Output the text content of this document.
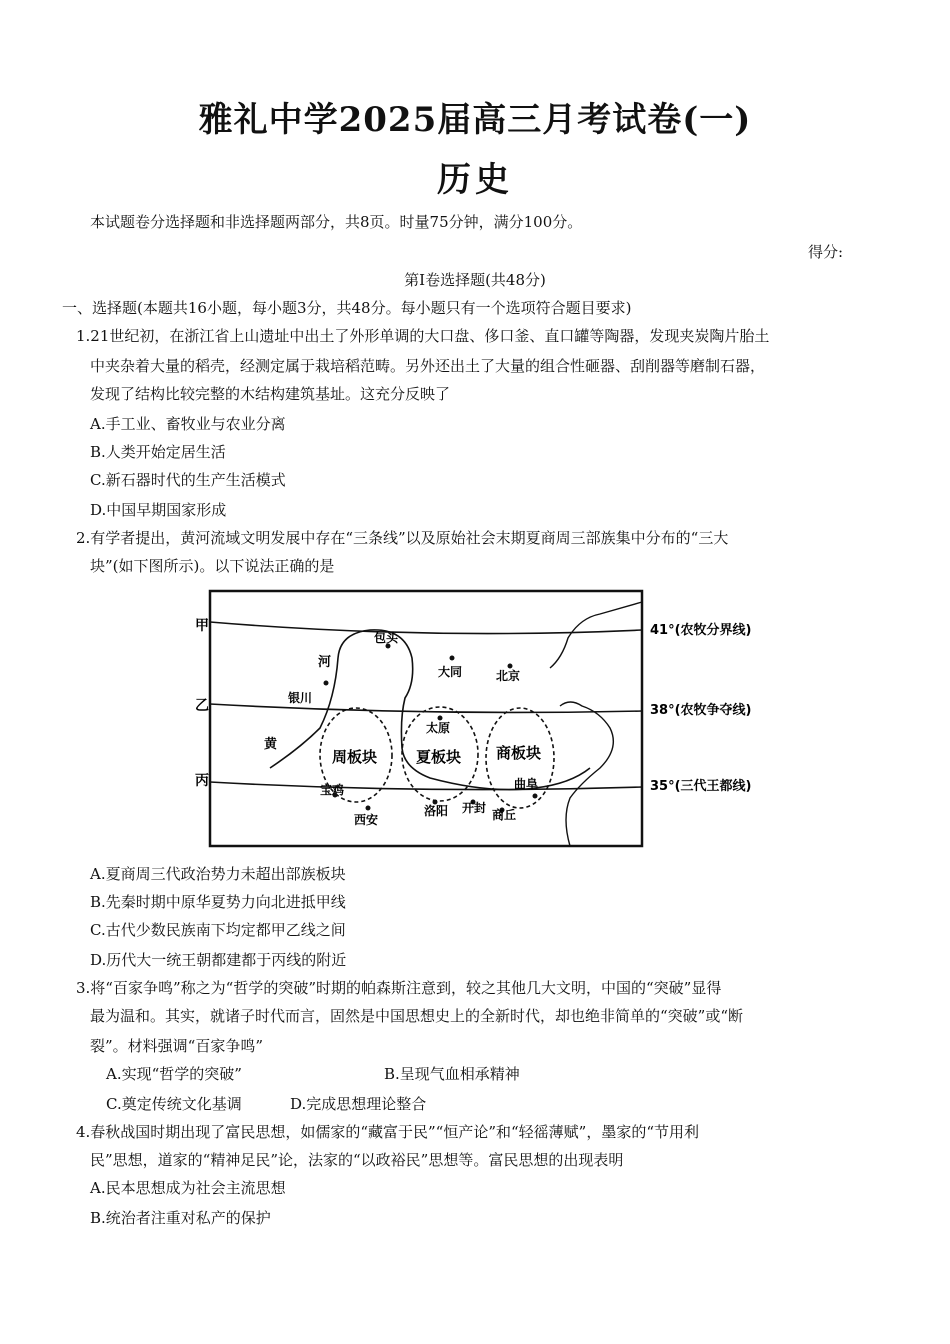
雅礼中学2025届高三月考试卷(一)
历史
本试题卷分选择题和非选择题两部分，共8页。时量75分钟，满分100分。
得分:
第Ⅰ卷选择题(共48分)
一、选择题(本题共16小题，每小题3分，共48分。每小题只有一个选项符合题目要求)
1.21世纪初，在浙江省上山遗址中出土了外形单调的大口盘、侈口釜、直口罐等陶器，发现夹炭陶片胎土
中夹杂着大量的稻壳，经测定属于栽培稻范畴。另外还出土了大量的组合性砸器、刮削器等磨制石器，
发现了结构比较完整的木结构建筑基址。这充分反映了
A.手工业、畜牧业与农业分离
B.人类开始定居生活
C.新石器时代的生产生活模式
D.中国早期国家形成
2.有学者提出，黄河流域文明发展中存在“三条线”以及原始社会末期夏商周三部族集中分布的“三大
块”(如下图所示)。以下说法正确的是
甲
乙
丙
41°(农牧分界线)
38°(农牧争夺线)
35°(三代王都线)
河
黄
包头
大同	北京
银川
太原
曲阜
宝鸡
洛阳 开封 商丘
西安
周板块	夏板块 商板块
A.夏商周三代政治势力未超出部族板块
B.先秦时期中原华夏势力向北进抵甲线
C.古代少数民族南下均定都甲乙线之间
D.历代大一统王朝都建都于丙线的附近
3.将“百家争鸣”称之为“哲学的突破”时期的帕森斯注意到，较之其他几大文明，中国的“突破”显得
最为温和。其实，就诸子时代而言，固然是中国思想史上的全新时代，却也绝非简单的“突破”或“断
裂”。材料强调“百家争鸣”
A.实现“哲学的突破”	B.呈现气血相承精神
C.奠定传统文化基调	D.完成思想理论整合
4.春秋战国时期出现了富民思想，如儒家的“藏富于民”“恒产论”和“轻徭薄赋”，墨家的“节用利
民”思想，道家的“精神足民”论，法家的“以政裕民”思想等。富民思想的出现表明
A.民本思想成为社会主流思想
B.统治者注重对私产的保护
